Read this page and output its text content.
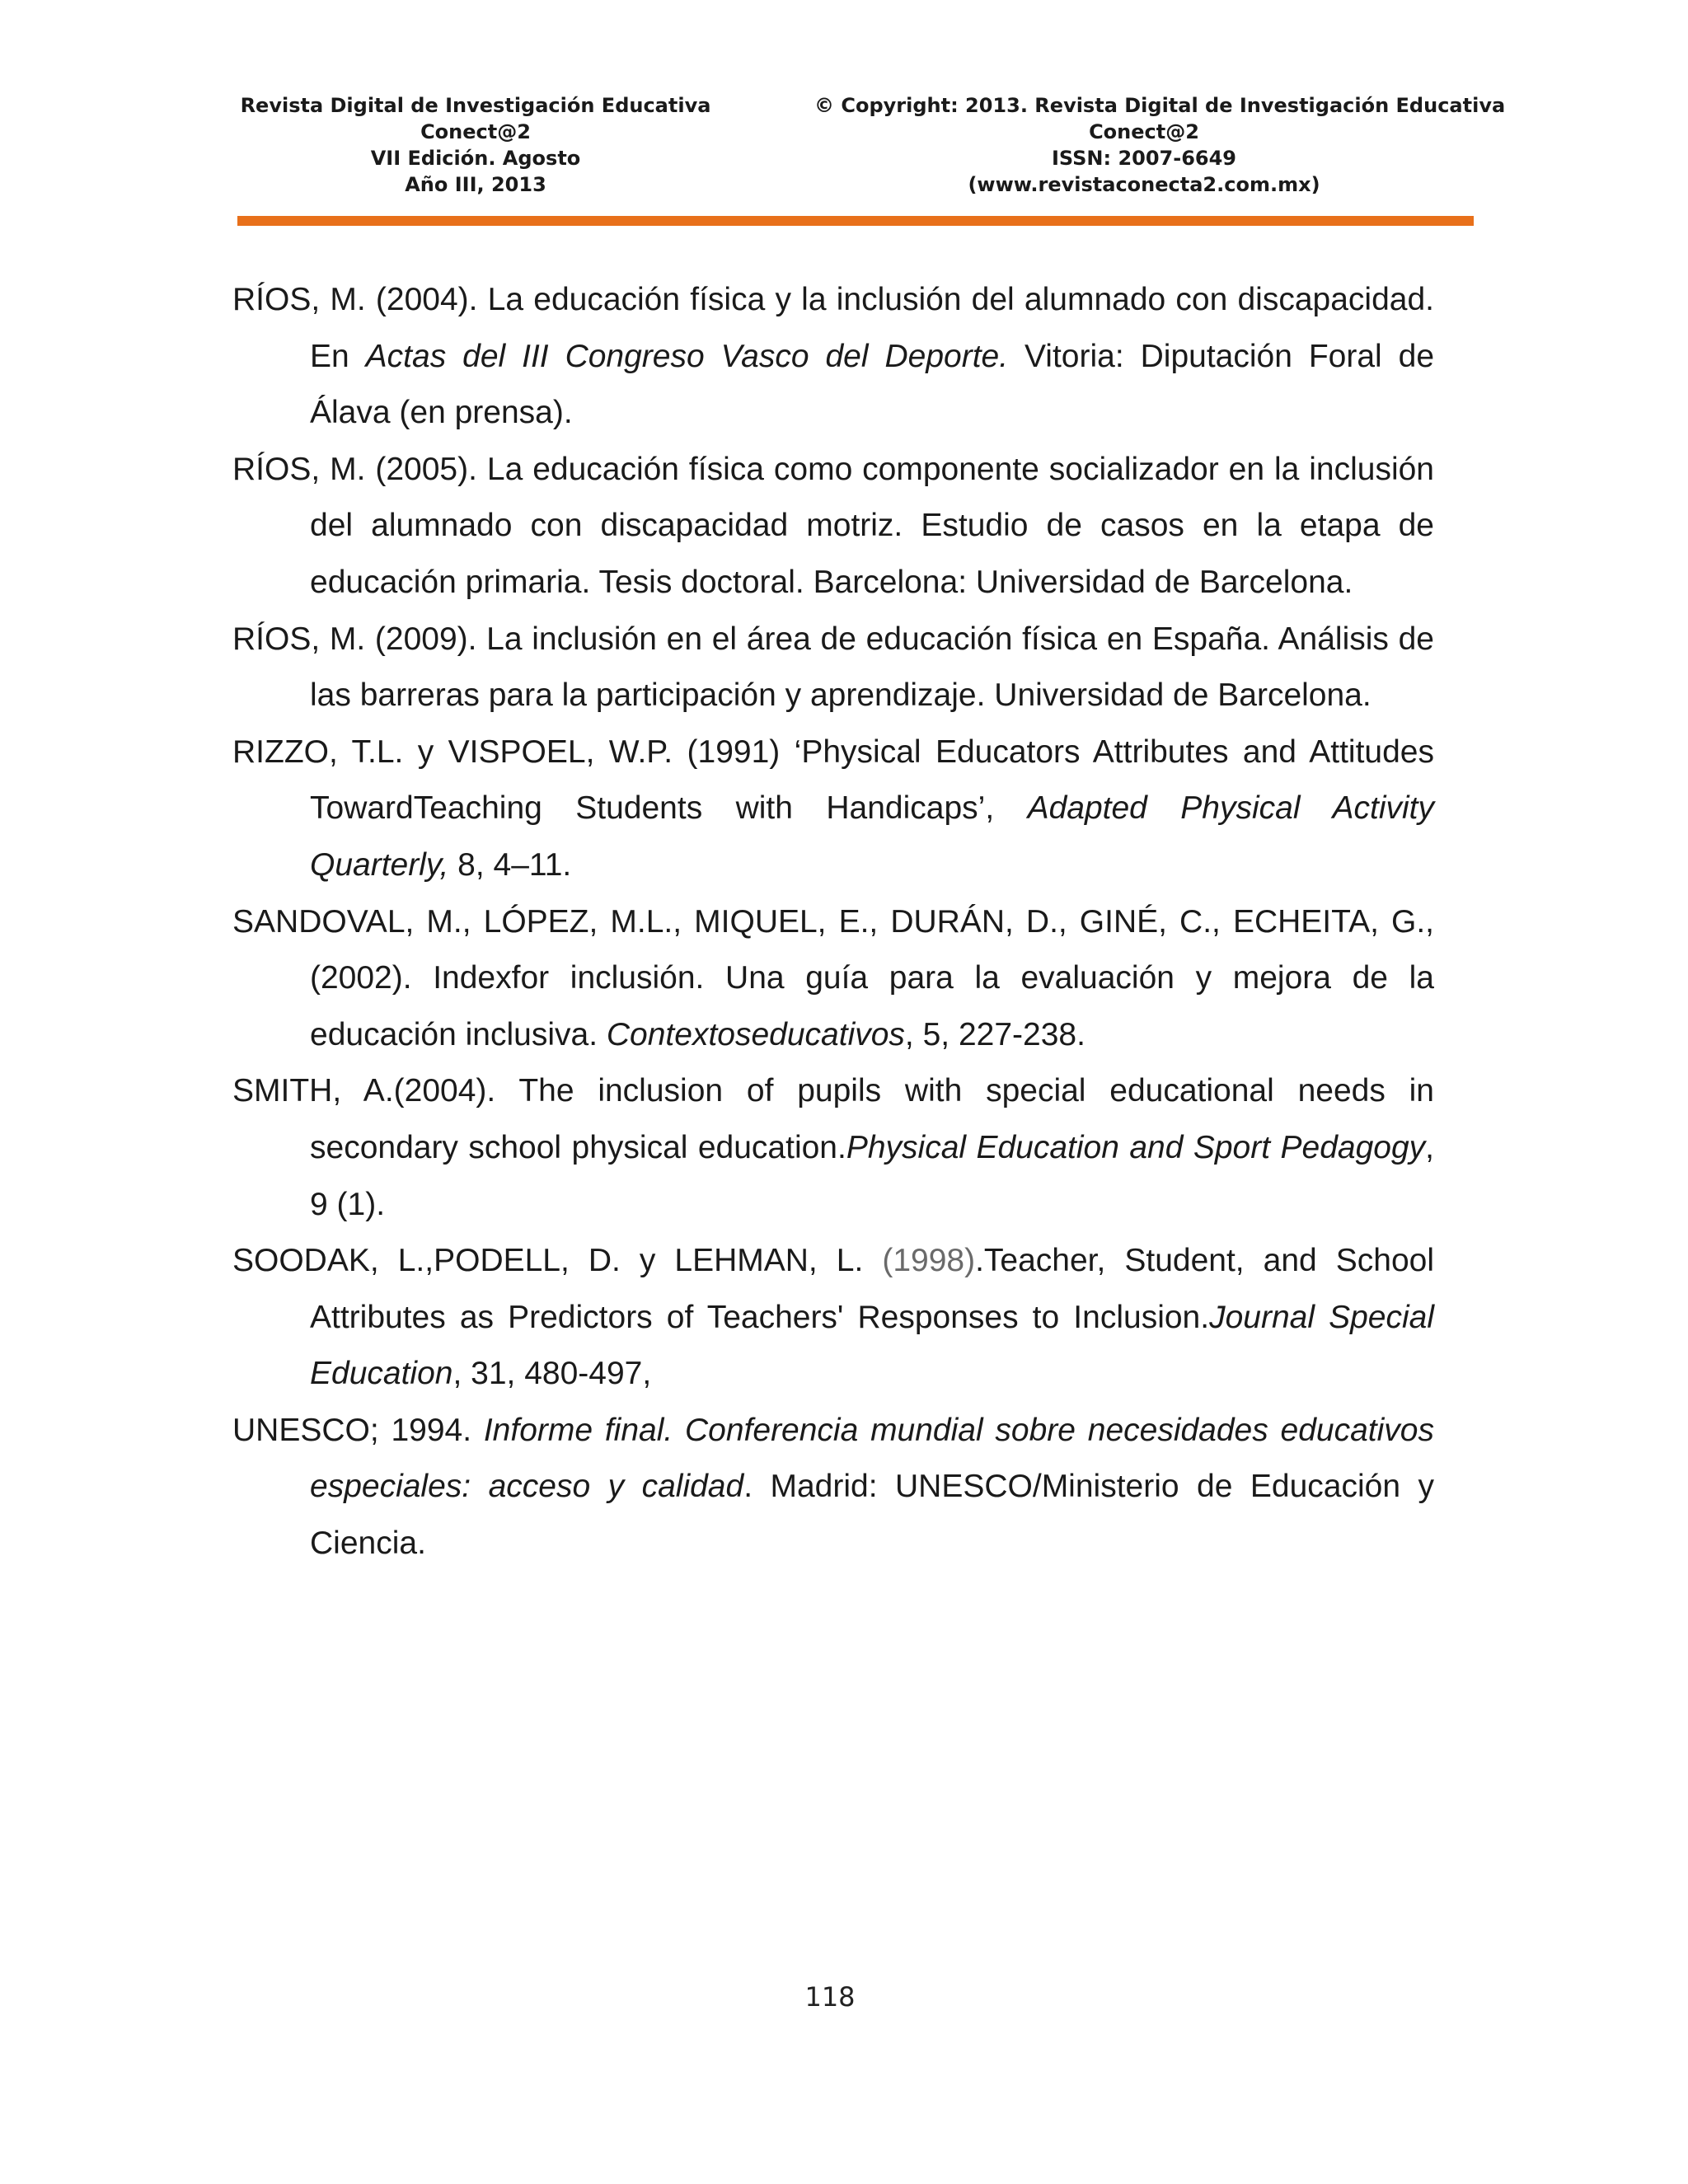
Revista Digital de Investigación Educativa
Conect@2
VII Edición. Agosto
Año III, 2013
© Copyright: 2013. Revista Digital de Investigación Educativa
Conect@2
ISSN: 2007-6649
(www.revistaconecta2.com.mx)

RÍOS, M. (2004). La educación física y la inclusión del alumnado con discapacidad. En Actas del III Congreso Vasco del Deporte. Vitoria: Diputación Foral de Álava (en prensa).

RÍOS, M. (2005). La educación física como componente socializador en la inclusión del alumnado con discapacidad motriz. Estudio de casos en la etapa de educación primaria. Tesis doctoral. Barcelona: Universidad de Barcelona.

RÍOS, M. (2009). La inclusión en el área de educación física en España. Análisis de las barreras para la participación y aprendizaje. Universidad de Barcelona.

RIZZO, T.L. y VISPOEL, W.P. (1991) ‘Physical Educators Attributes and Attitudes TowardTeaching Students with Handicaps’, Adapted Physical Activity Quarterly, 8, 4–11.

SANDOVAL, M., LÓPEZ, M.L., MIQUEL, E., DURÁN, D., GINÉ, C., ECHEITA, G., (2002). Indexfor inclusión. Una guía para la evaluación y mejora de la educación inclusiva. Contextoseducativos, 5, 227-238.

SMITH, A.(2004). The inclusion of pupils with special educational needs in secondary school physical education.Physical Education and Sport Pedagogy, 9 (1).

SOODAK, L.,PODELL, D. y LEHMAN, L. (1998).Teacher, Student, and School Attributes as Predictors of Teachers' Responses to Inclusion.Journal Special Education, 31, 480-497,

UNESCO; 1994. Informe final. Conferencia mundial sobre necesidades educativos especiales: acceso y calidad. Madrid: UNESCO/Ministerio de Educación y Ciencia.

118
